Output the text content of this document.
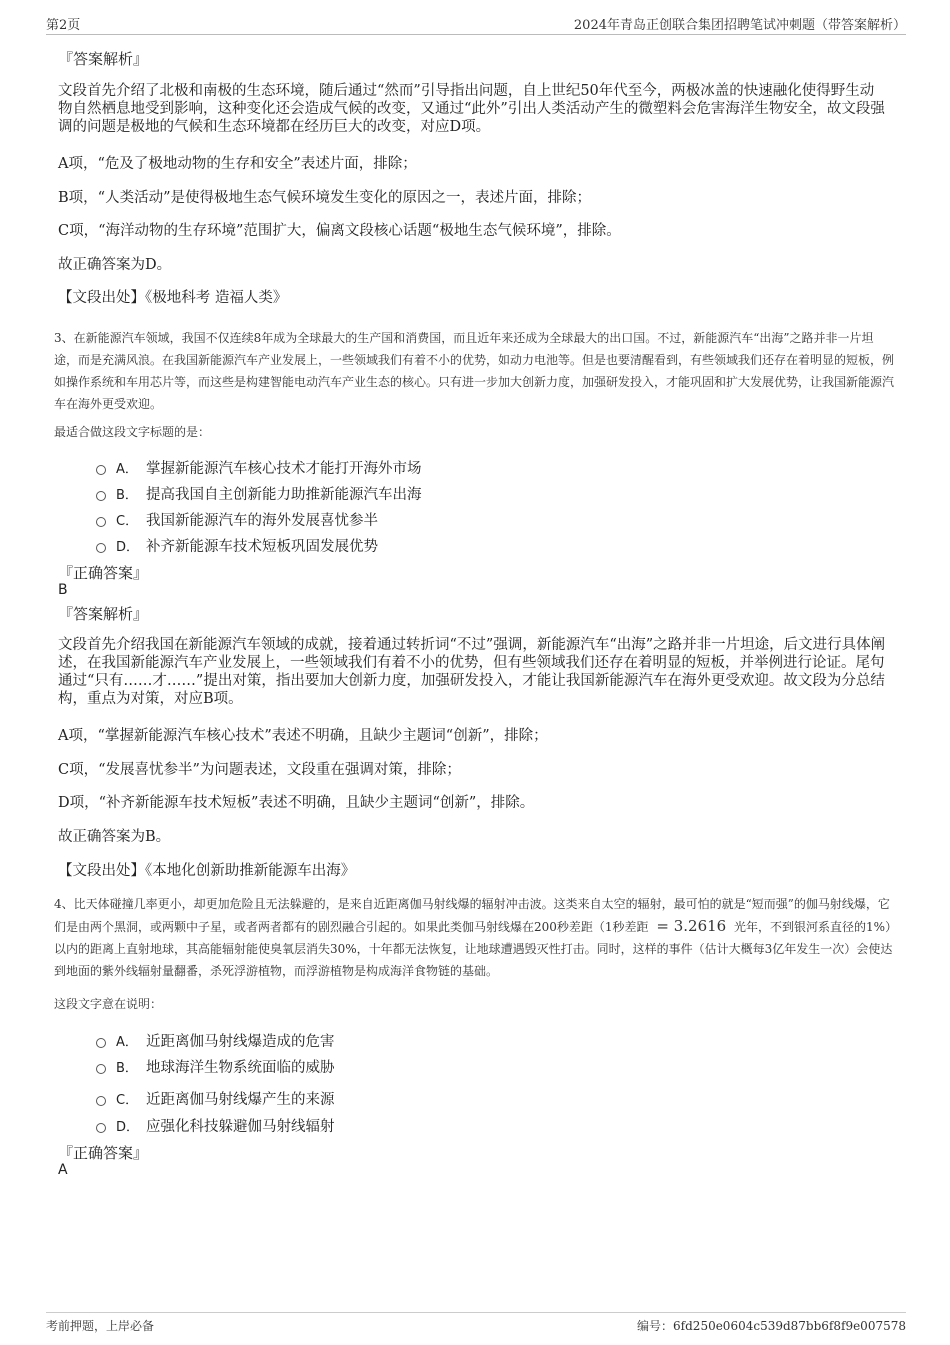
第2页	2024年青岛正创联合集团招聘笔试冲刺题（带答案解析）
『答案解析』
文段首先介绍了北极和南极的生态环境，随后通过“然而”引导指出问题，自上世纪50年代至今，两极冰盖的快速融化使得野生动物自然栖息地受到影响，这种变化还会造成气候的改变，又通过“此外”引出人类活动产生的微塑料会危害海洋生物安全，故文段强调的问题是极地的气候和生态环境都在经历巨大的改变，对应D项。
A项，“危及了极地动物的生存和安全”表述片面，排除；
B项，“人类活动”是使得极地生态气候环境发生变化的原因之一，表述片面，排除；
C项，“海洋动物的生存环境”范围扩大，偏离文段核心话题“极地生态气候环境”，排除。
故正确答案为D。
【文段出处】《极地科考 造福人类》
3、在新能源汽车领域，我国不仅连续8年成为全球最大的生产国和消费国，而且近年来还成为全球最大的出口国。不过，新能源汽车“出海”之路并非一片坦途，而是充满风浪。在我国新能源汽车产业发展上，一些领域我们有着不小的优势，如动力电池等。但是也要清醒看到，有些领域我们还存在着明显的短板，例如操作系统和车用芯片等，而这些是构建智能电动汽车产业生态的核心。只有进一步加大创新力度，加强研发投入，才能巩固和扩大发展优势，让我国新能源汽车在海外更受欢迎。
最适合做这段文字标题的是：
A． 掌握新能源汽车核心技术才能打开海外市场
B． 提高我国自主创新能力助推新能源汽车出海
C． 我国新能源汽车的海外发展喜忧参半
D． 补齐新能源车技术短板巩固发展优势
『正确答案』
B
『答案解析』
文段首先介绍我国在新能源汽车领域的成就，接着通过转折词“不过”强调，新能源汽车“出海”之路并非一片坦途，后文进行具体阐述，在我国新能源汽车产业发展上，一些领域我们有着不小的优势，但有些领域我们还存在着明显的短板，并举例进行论证。尾句通过“只有……才……”提出对策，指出要加大创新力度，加强研发投入，才能让我国新能源汽车在海外更受欢迎。故文段为分总结构，重点为对策，对应B项。
A项，“掌握新能源汽车核心技术”表述不明确，且缺少主题词“创新”，排除；
C项，“发展喜忧参半”为问题表述，文段重在强调对策，排除；
D项，“补齐新能源车技术短板”表述不明确，且缺少主题词“创新”，排除。
故正确答案为B。
【文段出处】《本地化创新助推新能源车出海》
4、比天体碰撞几率更小，却更加危险且无法躲避的，是来自近距离伽马射线爆的辐射冲击波。这类来自太空的辐射，最可怕的就是“短而强”的伽马射线爆，它们是由两个黑洞，或两颗中子星，或者两者都有的剧烈融合引起的。如果此类伽马射线爆在200秒差距（1秒差距 = 3.2616 光年，不到银河系直径的1%）以内的距离上直射地球，其高能辐射能使臭氧层消失30%，十年都无法恢复，让地球遭遇毁灭性打击。同时，这样的事件（估计大概每3亿年发生一次）会使达到地面的紫外线辐射量翻番，杀死浮游植物，而浮游植物是构成海洋食物链的基础。
这段文字意在说明：
A． 近距离伽马射线爆造成的危害
B． 地球海洋生物系统面临的威胁
C． 近距离伽马射线爆产生的来源
D． 应强化科技躲避伽马射线辐射
『正确答案』
A
考前押题，上岸必备	编号：6fd250e0604c539d87bb6f8f9e007578
